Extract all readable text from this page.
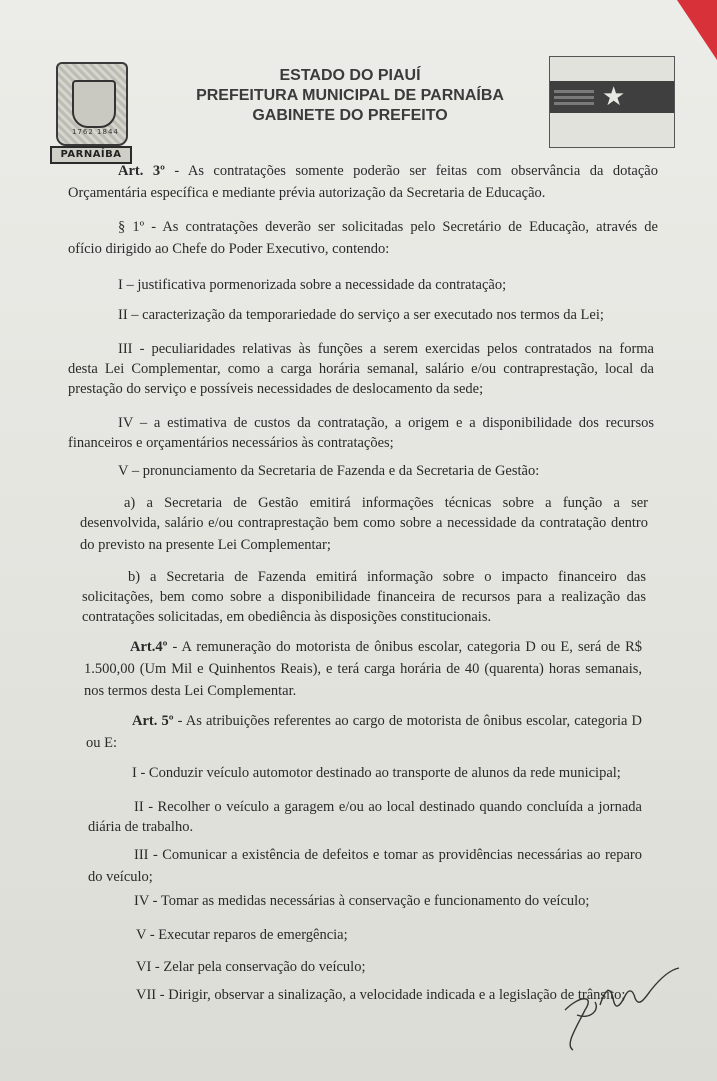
1762 1844
PARNAÍBA
ESTADO DO PIAUÍ
PREFEITURA MUNICIPAL DE PARNAÍBA
GABINETE DO PREFEITO
★
Art. 3º - As contratações somente poderão ser feitas com observância da dotação
Orçamentária específica e mediante prévia autorização da Secretaria de Educação.
§ 1º - As contratações deverão ser solicitadas pelo Secretário de Educação, através de
ofício dirigido ao Chefe do Poder Executivo, contendo:
I – justificativa pormenorizada sobre a necessidade da contratação;
II – caracterização da temporariedade do serviço a ser executado nos termos da Lei;
III - peculiaridades relativas às funções a serem exercidas pelos contratados na forma
desta Lei Complementar, como a carga horária semanal, salário e/ou contraprestação, local da
prestação do serviço e possíveis necessidades de deslocamento da sede;
IV – a estimativa de custos da contratação, a origem e a disponibilidade dos recursos
financeiros e orçamentários necessários às contratações;
V – pronunciamento da Secretaria de Fazenda e da Secretaria de Gestão:
a) a Secretaria de Gestão emitirá informações técnicas sobre a função a ser
desenvolvida, salário e/ou contraprestação bem como sobre a necessidade da contratação dentro
do previsto na presente Lei Complementar;
b) a Secretaria de Fazenda emitirá informação sobre o impacto financeiro das
solicitações, bem como sobre a disponibilidade financeira de recursos para a realização das
contratações solicitadas, em obediência às disposições constitucionais.
Art.4º - A remuneração do motorista de ônibus escolar, categoria D ou E, será de R$
1.500,00 (Um Mil e Quinhentos Reais), e terá carga horária de 40 (quarenta) horas semanais,
nos termos desta Lei Complementar.
Art. 5º - As atribuições referentes ao cargo de motorista de ônibus escolar, categoria D
ou E:
I - Conduzir veículo automotor destinado ao transporte de alunos da rede municipal;
II - Recolher o veículo a garagem e/ou ao local destinado quando concluída a jornada
diária de trabalho.
III - Comunicar a existência de defeitos e tomar as providências necessárias ao reparo
do veículo;
IV - Tomar as medidas necessárias à conservação e funcionamento do veículo;
V - Executar reparos de emergência;
VI - Zelar pela conservação do veículo;
VII - Dirigir, observar a sinalização, a velocidade indicada e a legislação de trânsito;
